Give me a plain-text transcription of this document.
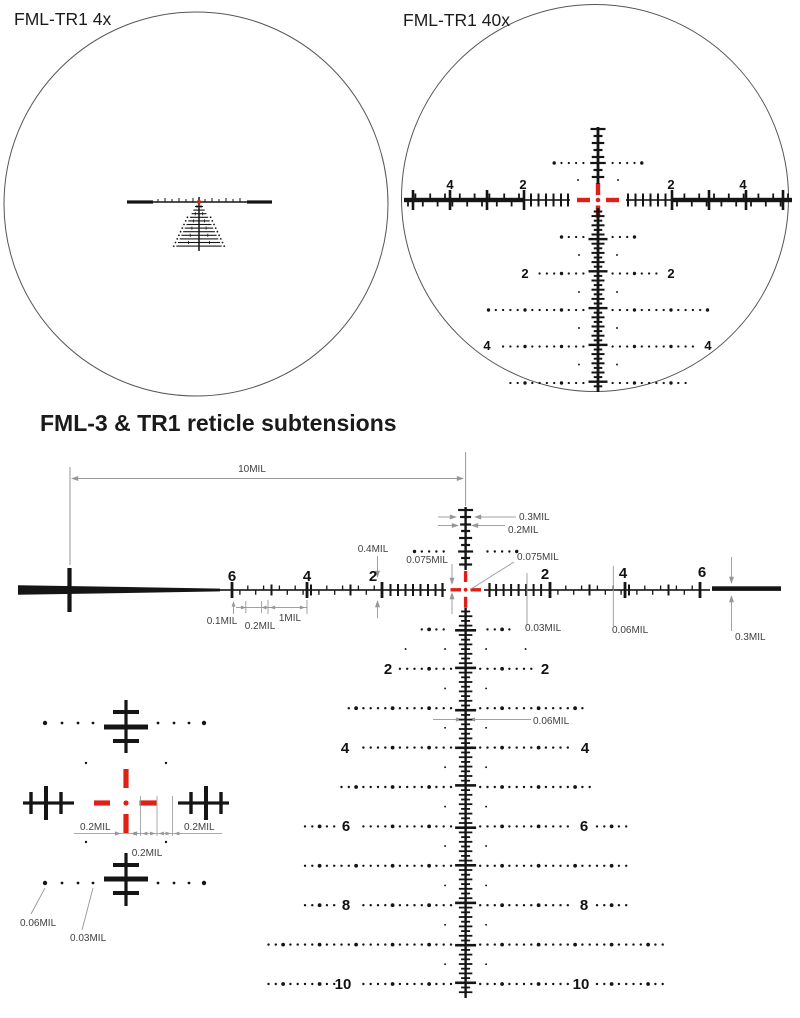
FML-TR1 4x	FML-TR1 40x
4	2	2	4
2	2
4	4
FML-3 & TR1 reticle subtensions
10MIL
6	4	2	2	4	6
2	2
4	4
6	6
8	8
10	10
0.3MIL
0.2MIL
0.075MIL	0.075MIL
0.4MIL
0.1MIL 0.2MIL
1MIL
0.03MIL	0.06MIL
0.3MIL
0.06MIL
0.2MIL
0.2MIL
0.2MIL
0.06MIL
0.03MIL
